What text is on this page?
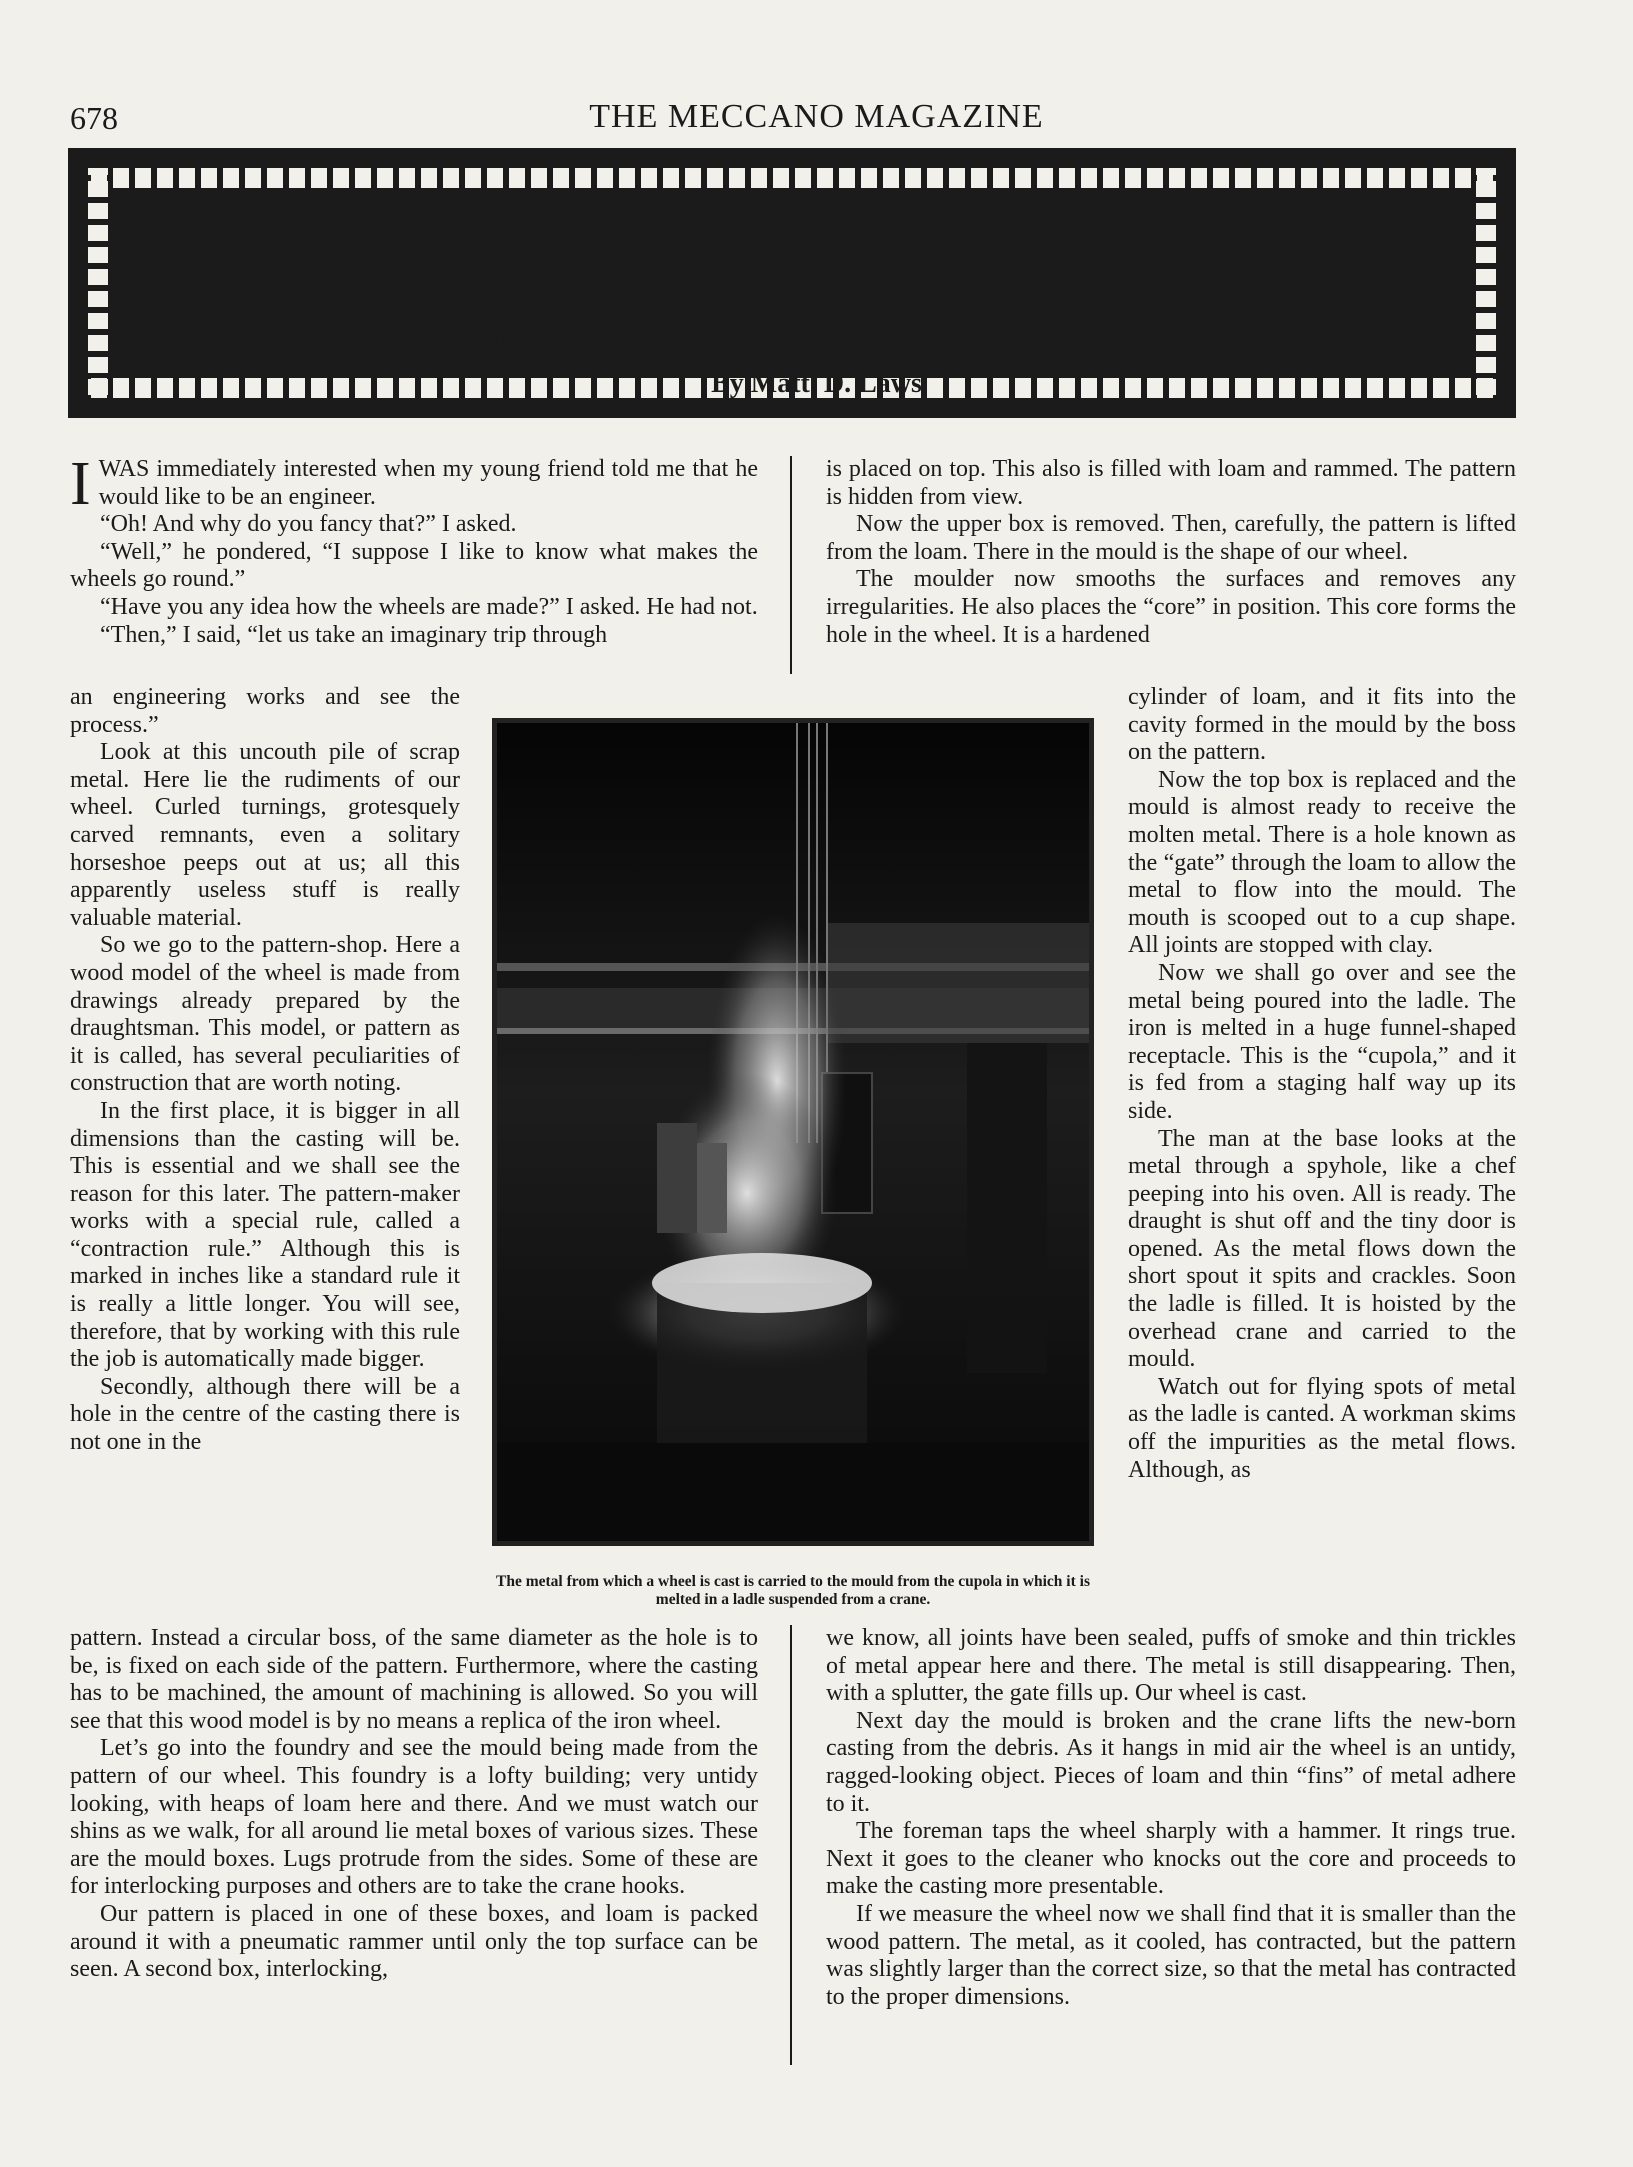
678	THE MECCANO MAGAZINE
The Making of a Wheel
From Wood Pattern to Finished Casting
By Matt. D. Laws

IWAS immediately interested when my young friend told me that he would like to be an engineer.

“Oh! And why do you fancy that?” I asked.

“Well,” he pondered, “I suppose I like to know what makes the wheels go round.”

“Have you any idea how the wheels are made?” I asked. He had not.

“Then,” I said, “let us take an imaginary trip through

an engineering works and see the process.”

Look at this uncouth pile of scrap metal. Here lie the rudiments of our wheel. Curled turnings, grotesquely carved remnants, even a solitary horseshoe peeps out at us; all this apparently useless stuff is really valuable material.

So we go to the pattern-shop. Here a wood model of the wheel is made from drawings already prepared by the draughtsman. This model, or pattern as it is called, has several peculiarities of construction that are worth noting.

In the first place, it is bigger in all dimensions than the casting will be. This is essential and we shall see the reason for this later. The pattern-maker works with a special rule, called a “contraction rule.” Although this is marked in inches like a standard rule it is really a little longer. You will see, therefore, that by working with this rule the job is automatically made bigger.

Secondly, although there will be a hole in the centre of the casting there is not one in the

pattern. Instead a circular boss, of the same diameter as the hole is to be, is fixed on each side of the pattern. Furthermore, where the casting has to be machined, the amount of machining is allowed. So you will see that this wood model is by no means a replica of the iron wheel.

Let’s go into the foundry and see the mould being made from the pattern of our wheel. This foundry is a lofty building; very untidy looking, with heaps of loam here and there. And we must watch our shins as we walk, for all around lie metal boxes of various sizes. These are the mould boxes. Lugs protrude from the sides. Some of these are for interlocking purposes and others are to take the crane hooks.

Our pattern is placed in one of these boxes, and loam is packed around it with a pneumatic rammer until only the top surface can be seen. A second box, interlocking,

is placed on top. This also is filled with loam and rammed. The pattern is hidden from view.

Now the upper box is removed. Then, carefully, the pattern is lifted from the loam. There in the mould is the shape of our wheel.

The moulder now smooths the surfaces and removes any irregularities. He also places the “core” in position. This core forms the hole in the wheel. It is a hardened

cylinder of loam, and it fits into the cavity formed in the mould by the boss on the pattern.

Now the top box is replaced and the mould is almost ready to receive the molten metal. There is a hole known as the “gate” through the loam to allow the metal to flow into the mould. The mouth is scooped out to a cup shape. All joints are stopped with clay.

Now we shall go over and see the metal being poured into the ladle. The iron is melted in a huge funnel-shaped receptacle. This is the “cupola,” and it is fed from a staging half way up its side.

The man at the base looks at the metal through a spyhole, like a chef peeping into his oven. All is ready. The draught is shut off and the tiny door is opened. As the metal flows down the short spout it spits and crackles. Soon the ladle is filled. It is hoisted by the overhead crane and carried to the mould.

Watch out for flying spots of metal as the ladle is canted. A workman skims off the impurities as the metal flows. Although, as

we know, all joints have been sealed, puffs of smoke and thin trickles of metal appear here and there. The metal is still disappearing. Then, with a splutter, the gate fills up. Our wheel is cast.

Next day the mould is broken and the crane lifts the new-born casting from the debris. As it hangs in mid air the wheel is an untidy, ragged-looking object. Pieces of loam and thin “fins” of metal adhere to it.

The foreman taps the wheel sharply with a hammer. It rings true. Next it goes to the cleaner who knocks out the core and proceeds to make the casting more presentable.

If we measure the wheel now we shall find that it is smaller than the wood pattern. The metal, as it cooled, has contracted, but the pattern was slightly larger than the correct size, so that the metal has contracted to the proper dimensions.

The metal from which a wheel is cast is carried to the mould from the cupola in which it is melted in a ladle suspended from a crane.
